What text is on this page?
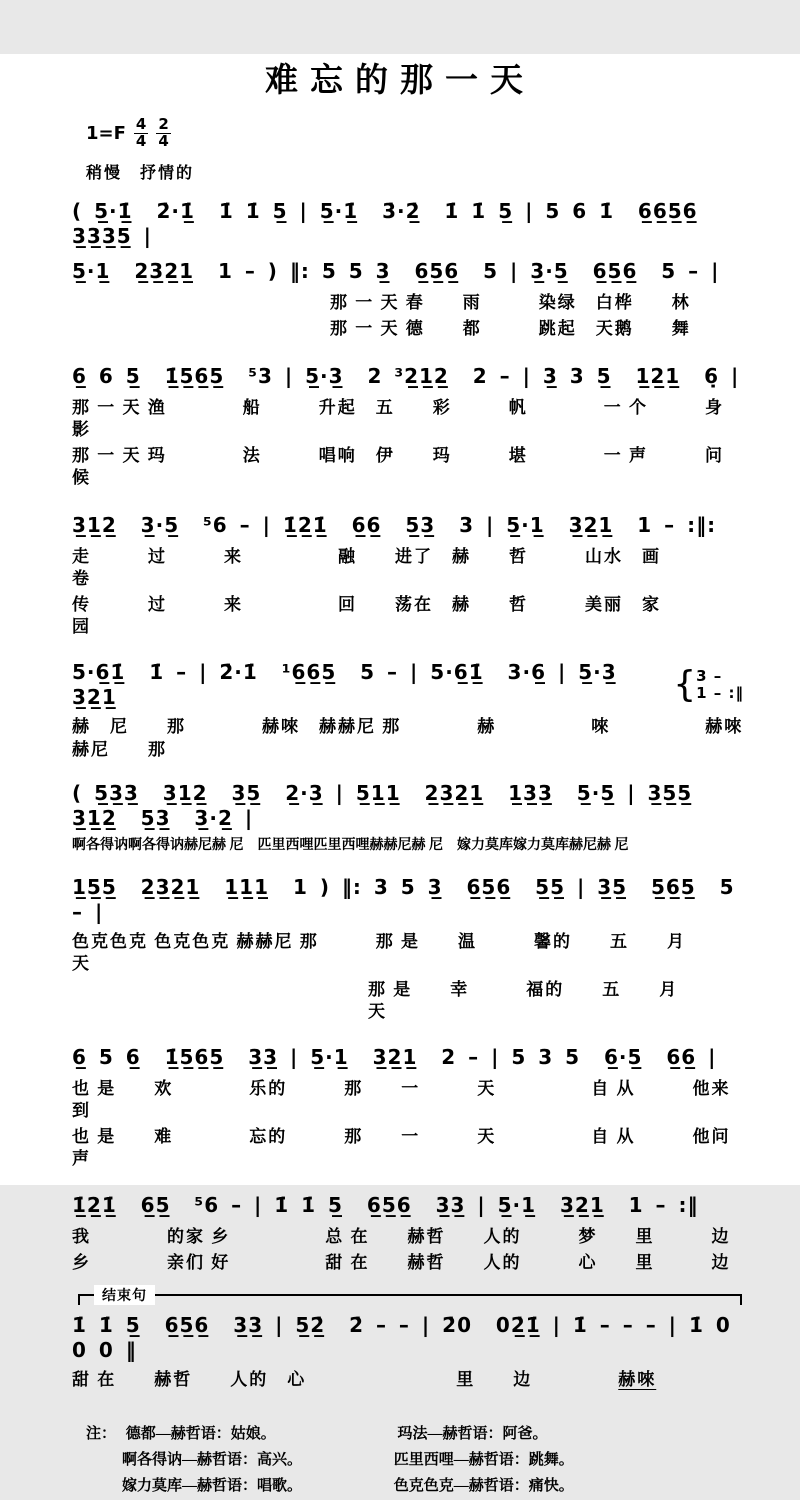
难忘的那一天
$1=F \frac{4}{4} \frac{2}{4}$
稍慢　抒情的

( 5̲·1̲̇  2̇·1̲̇  1̇ 1̇ 5̲ | 5̲·1̲̇  3̇·2̲̇  1̇ 1̇ 5̲ | 5 6 1̇  6̲6̲5̲6̲  3̲3̲3̲5̲ |

5̲·1̲  2̲3̲2̲1̲  1 – ) ‖: 5 5 3̲  6̲5̲6̲  5 | 3̲·5̲  6̲5̲6̲  5 – |

那 一 天 春　　雨　　　染绿　白桦　　林

那 一 天 德　　都　　　跳起　天鹅　　舞

6̲ 6 5̲  1̲̇5̲6̲5̲  ⁵3 | 5̲·3̲  2 ³2̲1̲2̲  2 – | 3̲ 3 5̲  1̲2̲1̲  6̣ |

那 一 天 渔　　　　船　　　升起　五　　彩　　　帆　　　　一 个　　　身　　　　影

那 一 天 玛　　　　法　　　唱响　伊　　玛　　　堪　　　　一 声　　　问　　　　候

3̲1̲2̲  3̲·5̲  ⁵6 – | 1̲̇2̲1̲̇  6̲6̲  5̲3̲  3 | 5̲·1̲  3̲2̲1̲  1 – :‖:

走　　　过　　　来　　　　　融　　进了　赫　　哲　　　山水　画　　　　卷

传　　　过　　　来　　　　　回　　荡在　赫　　哲　　　美丽　家　　　　园

5·6̲1̲̇  1̇ – | 2̇·1̇  ¹6̲6̲5̲  5 – | 5·6̲1̲̇  3·6̲ | 5̲·3̲  3̲2̲1̲	{ 3 –
1 – :‖

赫　尼　　那　　　　赫唻　赫赫尼 那　　　　赫　　　　　唻　　　　　赫唻 赫尼　　那

( 5̲3̲3̲  3̲1̲2̲  3̲5̲  2̲·3̲ | 5̲1̲1̲  2̲3̲2̲1̲  1̲3̲3̲  5̲·5̲ | 3̲5̲5̲  3̲1̲2̲  5̲3̲  3̲·2̲ |

啊各得讷啊各得讷赫尼赫 尼　匹里西哩匹里西哩赫赫尼赫 尼　嫁力莫库嫁力莫库赫尼赫 尼

1̲5̲5̲  2̲3̲2̲1̲  1̲1̲1̲  1 ) ‖: 3 5 3̲  6̲5̲6̲  5̲5̲ | 3̲5̲  5̲6̲5̲  5 – |

色克色克 色克色克 赫赫尼 那　　　那 是　　温　　　馨的　　五　　月　　　天

那 是　　幸　　　福的　　五　　月　　　天

6̲ 5 6̲  1̲̇5̲6̲5̲  3̲3̲ | 5̲·1̲  3̲2̲1̲  2 – | 5 3 5  6̲·5̲  6̲6̲ |

也 是　　欢　　　　乐的　　　那　　一　　　天　　　　　自 从　　　他来 到

也 是　　难　　　　忘的　　　那　　一　　　天　　　　　自 从　　　他问 声

1̲̇2̲1̲̇  6̲5̲  ⁵6 – | 1̇ 1̇ 5̲  6̲5̲6̲  3̲3̲ | 5̲·1̲  3̲2̲1̲  1 – :‖

我　　　　的家 乡　　　　　总 在　　赫哲　　人的　　　梦　　里　　　边

乡　　　　亲们 好　　　　　甜 在　　赫哲　　人的　　　心　　里　　　边

结束句

1̇ 1̇ 5̲  6̲5̲6̲  3̲3̲ | 5̲2̲̇  2̇ – – | 2̇0  02̲̇1̲̇ | 1̇ – – – | 1̇ 0 0 0 ‖

甜 在　　赫哲　　人的　心	里　　边	赫唻
注： 德都—赫哲语：姑娘。	玛法—赫哲语：阿爸。
啊各得讷—赫哲语：高兴。	匹里西哩—赫哲语：跳舞。
嫁力莫库—赫哲语：唱歌。	色克色克—赫哲语：痛快。
